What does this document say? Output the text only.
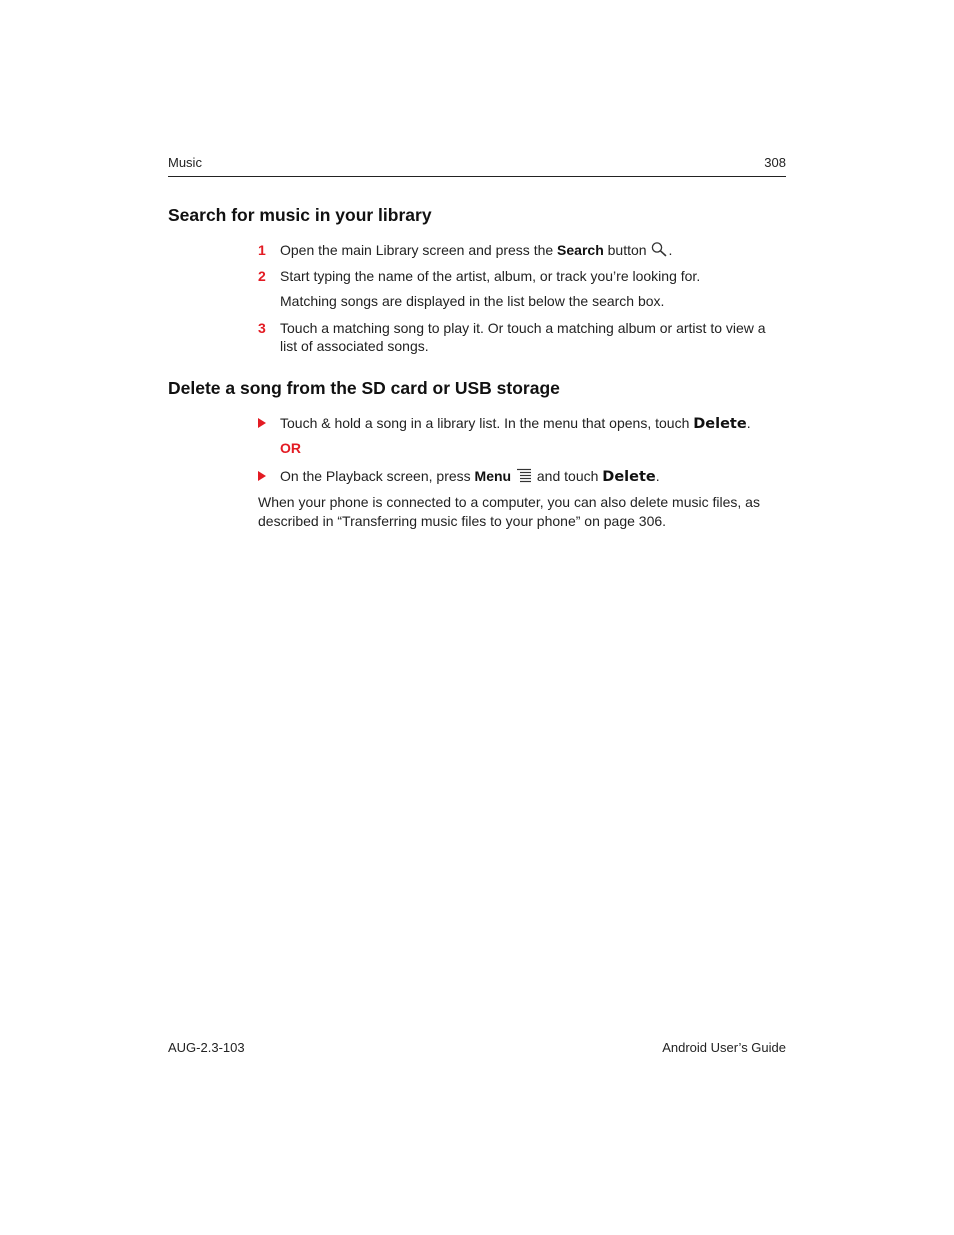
Music	308
Search for music in your library
1 Open the main Library screen and press the Search button .
2 Start typing the name of the artist, album, or track you’re looking for.
Matching songs are displayed in the list below the search box.
3 Touch a matching song to play it. Or touch a matching album or artist to view a list of associated songs.
Delete a song from the SD card or USB storage
Touch & hold a song in a library list. In the menu that opens, touch Delete.
OR
On the Playback screen, press Menu  and touch Delete.
When your phone is connected to a computer, you can also delete music files, as described in “Transferring music files to your phone” on page 306.
AUG-2.3-103	Android User’s Guide
